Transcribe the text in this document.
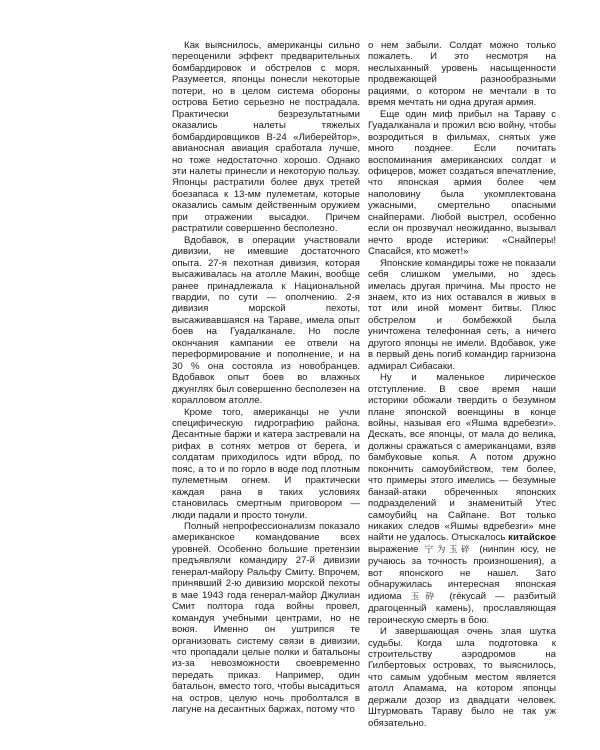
Как выяснилось, американцы сильно переоценили эффект предварительных бомбардировок и обстрелов с моря. Разумеется, японцы понесли некоторые потери, но в целом система обороны острова Бетио серьезно не пострадала. Практически безрезультатными оказались налеты тяжелых бомбардировщиков B-24 «Либерейтор», авианосная авиация сработала лучше, но тоже недостаточно хорошо. Однако эти налеты принесли и некоторую пользу. Японцы растратили более двух третей боезапаса к 13-мм пулеметам, которые оказались самым действенным оружием при отражении высадки. Причем растратили совершенно бесполезно.

Вдобавок, в операции участвовали дивизии, не имевшие достаточного опыта. 27-я пехотная дивизия, которая высаживалась на атолле Макин, вообще ранее принадлежала к Национальной гвардии, по сути — ополчению. 2-я дивизия морской пехоты, высаживавшаяся на Тараве, имела опыт боев на Гуадалканале. Но после окончания кампании ее отвели на переформирование и пополнение, и на 30 % она состояла из новобранцев. Вдобавок опыт боев во влажных джунглях был совершенно бесполезен на коралловом атолле.

Кроме того, американцы не учли специфическую гидрографию района. Десантные баржи и катера застревали на рифах в сотнях метров от берега, и солдатам приходилось идти вброд, по пояс, а то и по горло в воде под плотным пулеметным огнем. И практически каждая рана в таких условиях становилась смертным приговором — люди падали и просто тонули.

Полный непрофессионализм показало американское командование всех уровней. Особенно большие претензии предъявляли командиру 27-й дивизии генерал-майору Ральфу Смиту. Впрочем, принявший 2-ю дивизию морской пехоты в мае 1943 года генерал-майор Джулиан Смит полтора года войны провел, командуя учебными центрами, но не воюя. Именно он уштрипся те организовать систему связи в дивизии, что пропадали целые полки и батальоны из-за невозможности своевременно передать приказ. Например, один батальон, вместо того, чтобы высадиться на остров, целую ночь проболтался в лагуне на десантных баржах, потому что

о нем забыли. Солдат можно только пожалеть. И это несмотря на неслыханный уровень насыщенности продвежающей разнообразными рациями, о котором не мечтали в то время мечтать ни одна другая армия.

Еще один миф прибыл на Тараву с Гуадалканала и прожил всю войну, чтобы возродиться в фильмах, снятых уже много позднее. Если почитать воспоминания американских солдат и офицеров, может создаться впечатление, что японская армия более чем наполовину была укомплектована ужасными, смертельно опасными снайперами. Любой выстрел, особенно если он прозвучал неожиданно, вызывал нечто вроде истерики: «Снайперы! Спасайся, кто может!»

Японские командиры тоже не показали себя слишком умелыми, но здесь имелась другая причина. Мы просто не знаем, кто из них оставался в живых в тот или иной момент битвы. Плюс обстрелом и бомбежкой была уничтожена телефонная сеть, а ничего другого японцы не имели. Вдобавок, уже в первый день погиб командир гарнизона адмирал Сибасаки.

Ну и маленькое лирическое отступление. В свое время наши историки обожали твердить о безумном плане японской военщины в конце войны, называя его «Яшма вдребезги». Дескать, все японцы, от мала до велика, должны сражаться с американцами, взяв бамбуковые копья. А потом дружно покончить самоубийством, тем более, что примеры этого имелись — безумные банзай-атаки обреченных японских подразделений и знаменитый Утес самоубийц на Сайпане. Вот только никаких следов «Яшмы вдребезги» мне найти не удалось. Отыскалось китайское выражение 宁为玉碎 (нинпин юсу, не ручаюсь за точность произношения), а вот японского не нашел. Зато обнаружилась интересная японская идиома 玉砕 (гёкусай — разбитый драгоценный камень), прославляющая героическую смерть в бою.

И завершающая очень злая шутка судьбы. Когда шла подготовка к строительству аэродромов на Гилбертовых островах, то выяснилось, что самым удобным местом является атолл Апамама, на котором японцы держали дозор из двадцати человек. Штурмовать Тараву было не так уж обязательно.
